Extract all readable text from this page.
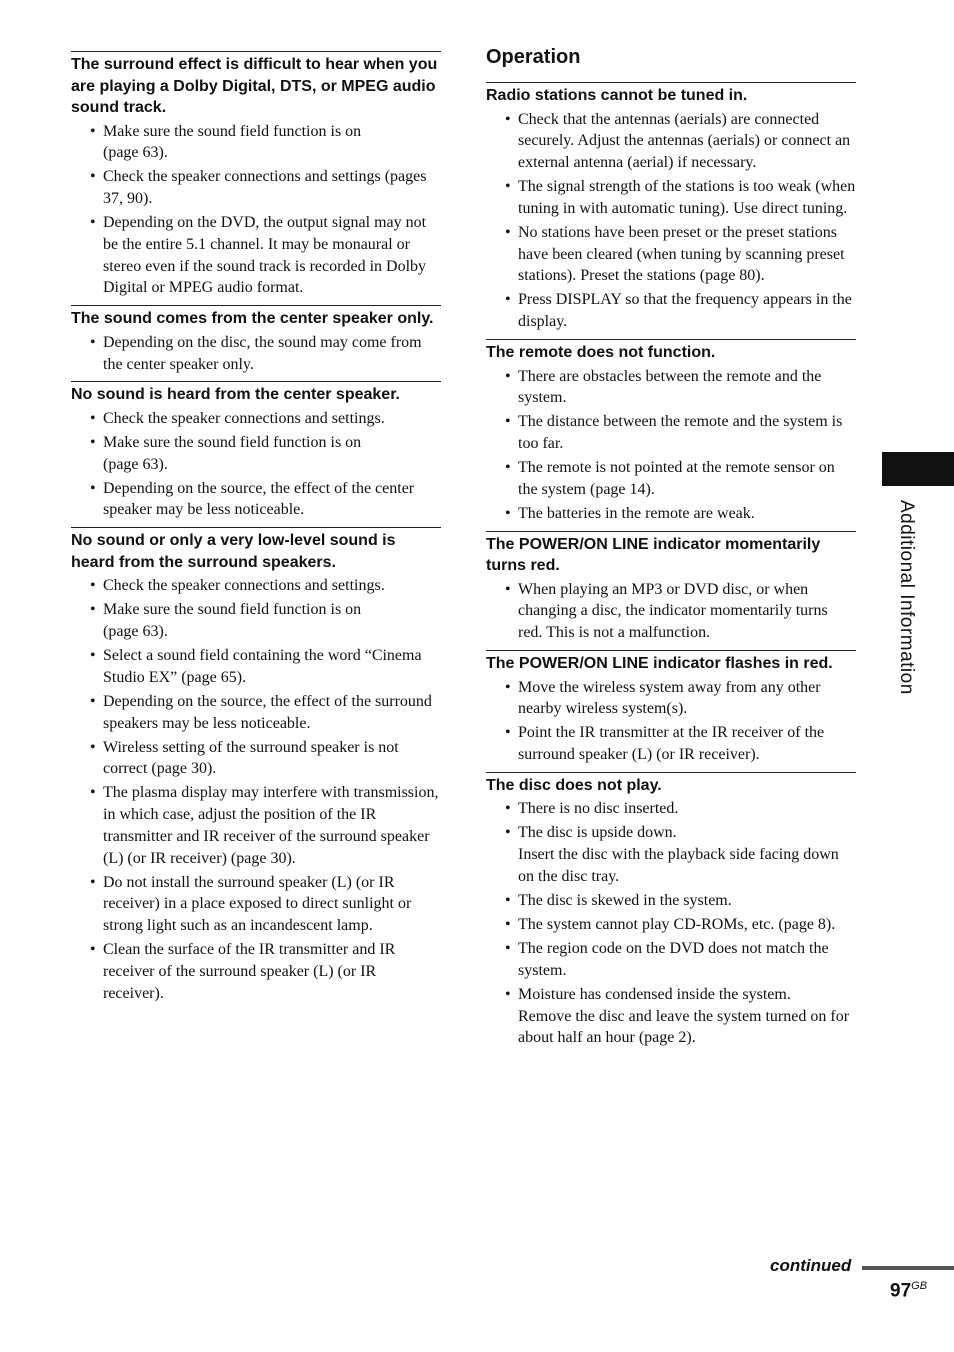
The surround effect is difficult to hear when you are playing a Dolby Digital, DTS, or MPEG audio sound track.
• Make sure the sound field function is on
(page 63).
• Check the speaker connections and settings (pages 37, 90).
• Depending on the DVD, the output signal may not be the entire 5.1 channel. It may be monaural or stereo even if the sound track is recorded in Dolby Digital or MPEG audio format.
The sound comes from the center speaker only.
• Depending on the disc, the sound may come from the center speaker only.
No sound is heard from the center speaker.
• Check the speaker connections and settings.
• Make sure the sound field function is on
(page 63).
• Depending on the source, the effect of the center speaker may be less noticeable.
No sound or only a very low-level sound is heard from the surround speakers.
• Check the speaker connections and settings.
• Make sure the sound field function is on
(page 63).
• Select a sound field containing the word “Cinema Studio EX” (page 65).
• Depending on the source, the effect of the surround speakers may be less noticeable.
• Wireless setting of the surround speaker is not correct (page 30).
• The plasma display may interfere with transmission, in which case, adjust the position of the IR transmitter and IR receiver of the surround speaker (L) (or IR receiver) (page 30).
• Do not install the surround speaker (L) (or IR receiver) in a place exposed to direct sunlight or strong light such as an incandescent lamp.
• Clean the surface of the IR transmitter and IR receiver of the surround speaker (L) (or IR receiver).
Operation
Radio stations cannot be tuned in.
• Check that the antennas (aerials) are connected securely. Adjust the antennas (aerials) or connect an external antenna (aerial) if necessary.
• The signal strength of the stations is too weak (when tuning in with automatic tuning). Use direct tuning.
• No stations have been preset or the preset stations have been cleared (when tuning by scanning preset stations). Preset the stations (page 80).
• Press DISPLAY so that the frequency appears in the display.
The remote does not function.
• There are obstacles between the remote and the system.
• The distance between the remote and the system is too far.
• The remote is not pointed at the remote sensor on the system (page 14).
• The batteries in the remote are weak.
The POWER/ON LINE indicator momentarily turns red.
• When playing an MP3 or DVD disc, or when changing a disc, the indicator momentarily turns red. This is not a malfunction.
The POWER/ON LINE indicator flashes in red.
• Move the wireless system away from any other nearby wireless system(s).
• Point the IR transmitter at the IR receiver of the surround speaker (L) (or IR receiver).
The disc does not play.
• There is no disc inserted.
• The disc is upside down.
Insert the disc with the playback side facing down on the disc tray.
• The disc is skewed in the system.
• The system cannot play CD-ROMs, etc. (page 8).
• The region code on the DVD does not match the system.
• Moisture has condensed inside the system.
Remove the disc and leave the system turned on for about half an hour (page 2).
Additional Information
continued
$97^{GB}$
